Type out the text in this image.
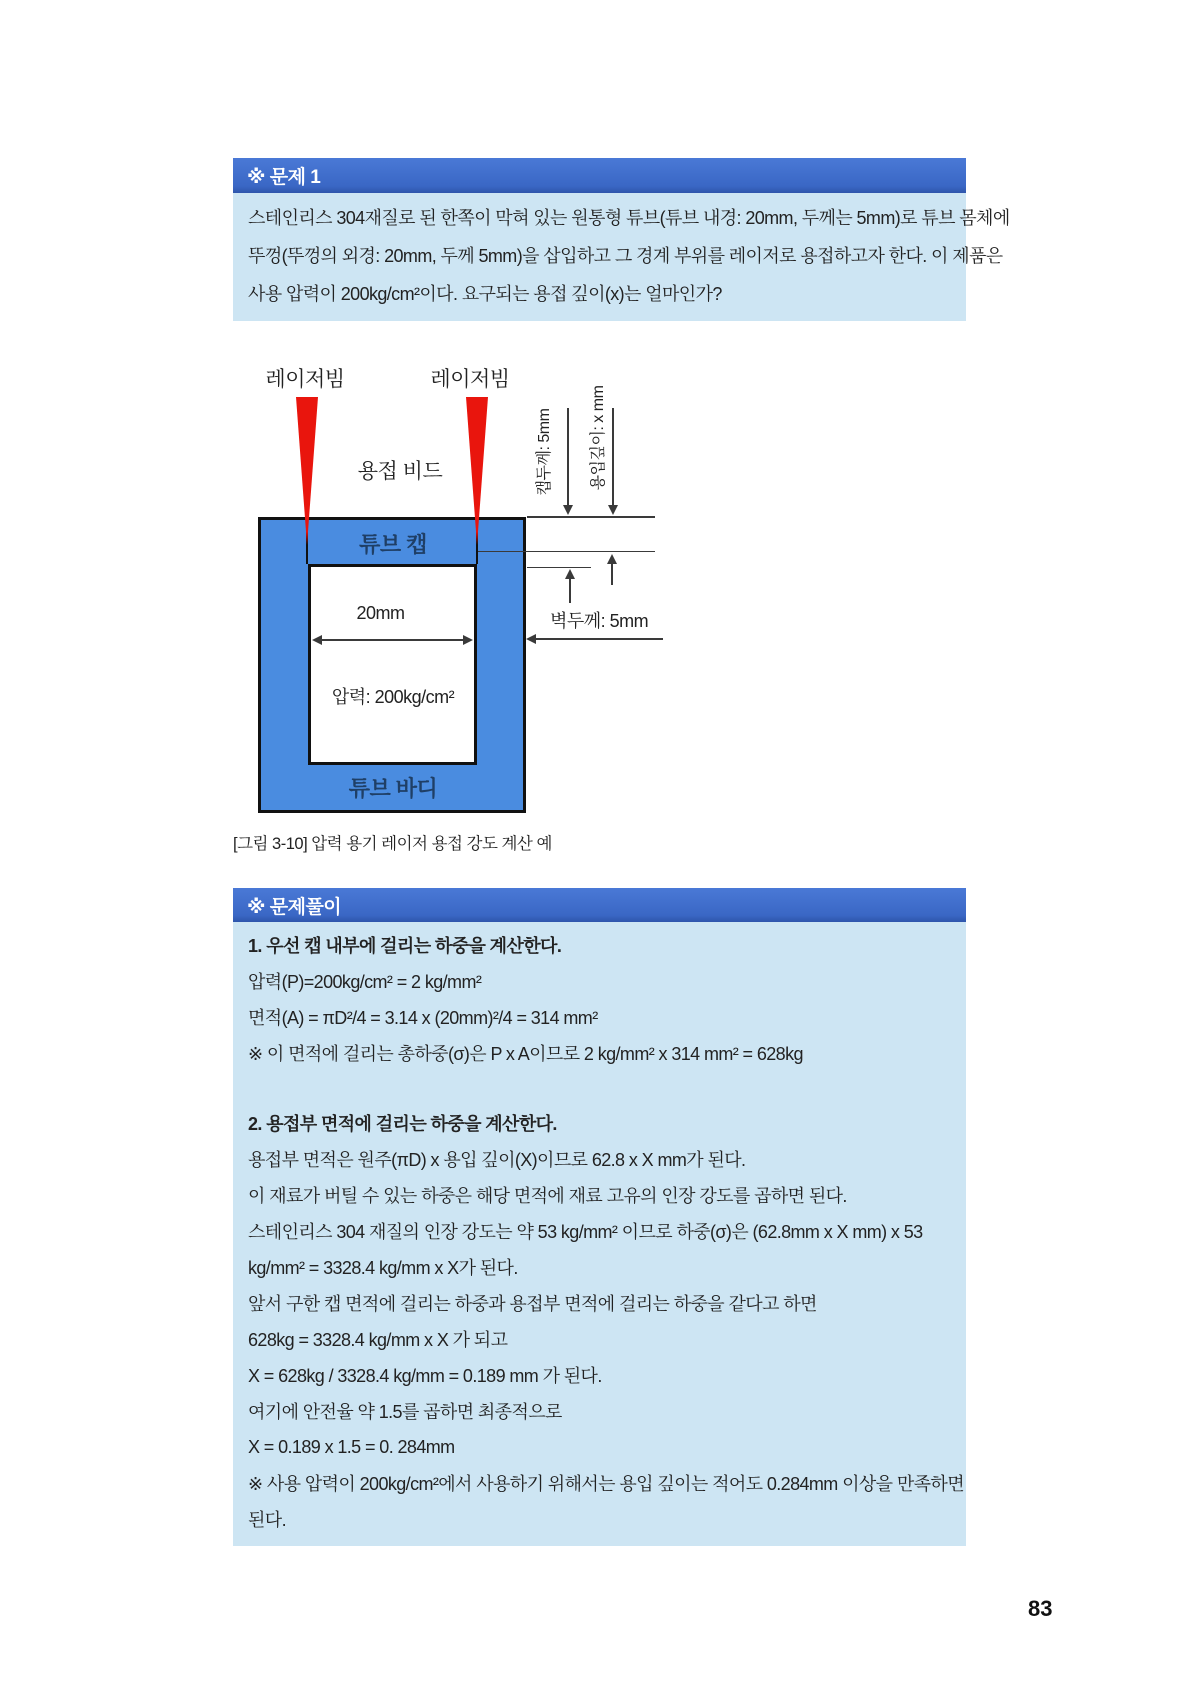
※ 문제 1
스테인리스 304재질로 된 한쪽이 막혀 있는 원통형 튜브(튜브 내경: 20mm, 두께는 5mm)로 튜브 몸체에
뚜껑(뚜껑의 외경: 20mm, 두께 5mm)을 삽입하고 그 경계 부위를 레이저로 용접하고자 한다. 이 제품은
사용 압력이 200kg/cm²이다. 요구되는 용접 깊이(x)는 얼마인가?
레이저빔	레이저빔
용접 비드	캡두께: 5mm 용입깊이: x mm
튜브 캡
20mm
압력: 200kg/cm²
벽두께: 5mm
튜브 바디
[그림 3-10] 압력 용기 레이저 용접 강도 계산 예
※ 문제풀이
1. 우선 캡 내부에 걸리는 하중을 계산한다.
압력(P)=200kg/cm² = 2 kg/mm²
면적(A) = πD²/4 = 3.14 x (20mm)²/4 = 314 mm²
※ 이 면적에 걸리는 총하중(σ)은 P x A이므로 2 kg/mm² x 314 mm² = 628kg
2. 용접부 면적에 걸리는 하중을 계산한다.
용접부 면적은 원주(πD) x 용입 깊이(X)이므로 62.8 x X mm가 된다.
이 재료가 버틸 수 있는 하중은 해당 면적에 재료 고유의 인장 강도를 곱하면 된다.
스테인리스 304 재질의 인장 강도는 약 53 kg/mm² 이므로 하중(σ)은 (62.8mm x X mm) x 53
kg/mm² = 3328.4 kg/mm x X가 된다.
앞서 구한 캡 면적에 걸리는 하중과 용접부 면적에 걸리는 하중을 같다고 하면
628kg = 3328.4 kg/mm x X 가 되고
X = 628kg / 3328.4 kg/mm = 0.189 mm 가 된다.
여기에 안전율 약 1.5를 곱하면 최종적으로
X = 0.189 x 1.5 = 0. 284mm
※ 사용 압력이 200kg/cm²에서 사용하기 위해서는 용입 깊이는 적어도 0.284mm 이상을 만족하면
된다.
83
